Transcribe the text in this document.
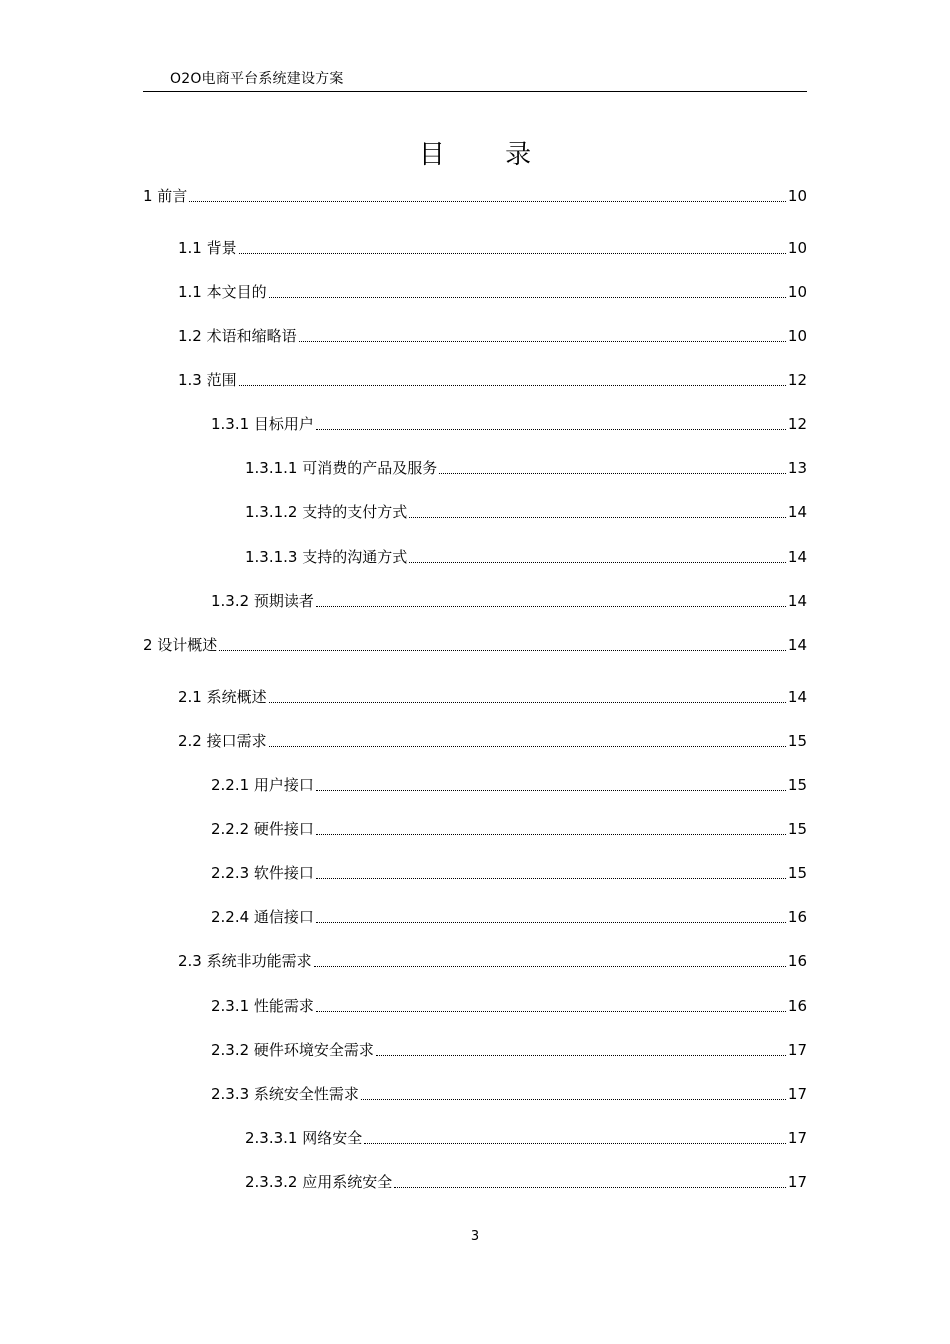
O2O电商平台系统建设方案
目 录
1 前言	10
1.1 背景	10
1.1 本文目的	10
1.2 术语和缩略语	10
1.3 范围	12
1.3.1 目标用户	12
1.3.1.1 可消费的产品及服务	13
1.3.1.2 支持的支付方式	14
1.3.1.3 支持的沟通方式	14
1.3.2 预期读者	14
2 设计概述	14
2.1 系统概述	14
2.2 接口需求	15
2.2.1 用户接口	15
2.2.2 硬件接口	15
2.2.3 软件接口	15
2.2.4 通信接口	16
2.3 系统非功能需求	16
2.3.1 性能需求	16
2.3.2 硬件环境安全需求	17
2.3.3 系统安全性需求	17
2.3.3.1 网络安全	17
2.3.3.2 应用系统安全	17
3
